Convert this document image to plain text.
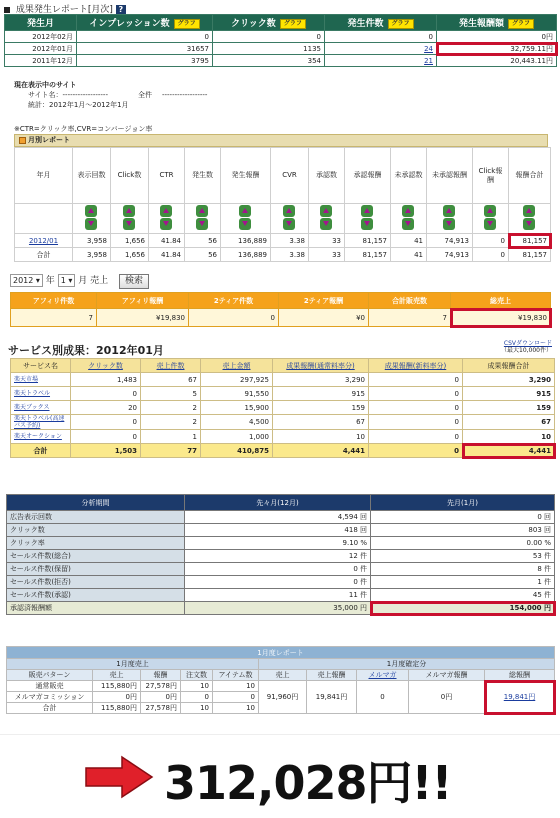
成果発生レポート[月次] ?
発生月	インプレッション数 グラフ	クリック数 グラフ	発生件数 グラフ	発生報酬額 グラフ
2012年02月	0	0	0	0円
2012年01月	31657	1135	24	32,759.11円
2011年12月	3795	354	21	20,443.11円
現在表示中のサイト
サイト名：------------------	全件 ------------------
統計：2012年1月～2012年1月
※CTR=クリック率,CVR=コンバージョン率
月別レポート
年月	表示回数	Click数	CTR	発生数	発生報酬	CVR	承認数	承認報酬	未承認数	未承認報酬	Click報酬	報酬合計

2012/01	3,958	1,656	41.84	56	136,889	3.38	33	81,157	41	74,913	0	81,157
合計	3,958	1,656	41.84	56	136,889	3.38	33	81,157	41	74,913	0	81,157
2012 ▾ 年 1 ▾ 月 売上 検索
アフィリ件数	アフィリ報酬	2ティア件数	2ティア報酬	合計販売数	総売上
7	¥19,830	0	¥0	7	¥19,830
サービス別成果：2012年01月
CSVダウンロード
（最大10,000件）
サービス名	クリック数	売上件数	売上金額	成果報酬(通常料率分)	成果報酬(新料率分)	成果報酬合計
楽天市場	1,483	67	297,925	3,290	0	3,290
楽天トラベル	0	5	91,550	915	0	915
楽天ブックス	20	2	15,900	159	0	159
楽天トラベル(高速バス予約)	0	2	4,500	67	0	67
楽天オークション	0	1	1,000	10	0	10
合計	1,503	77	410,875	4,441	0	4,441
分析期間	先々月(12月)	先月(1月)
広告表示回数	4,594 回	0 回
クリック数	418 回	803 回
クリック率	9.10 %	0.00 %
セールス件数(総合)	12 件	53 件
セールス件数(保留)	0 件	8 件
セールス件数(拒否)	0 件	1 件
セールス件数(承認)	11 件	45 件
承認済報酬額	35,000 円	154,000 円
1月度レポート									
1月度売上					1月度確定分				
販売パターン	売上	報酬	注文数	アイテム数	売上	売上報酬	メルマガ	メルマガ報酬	総報酬
通常販売	115,880円	27,578円	10	10	91,960円	19,841円	0	0円	19,841円
メルマガコミッション	0円	0円	0	0					
合計	115,880円	27,578円	10	10					
312,028円!!
